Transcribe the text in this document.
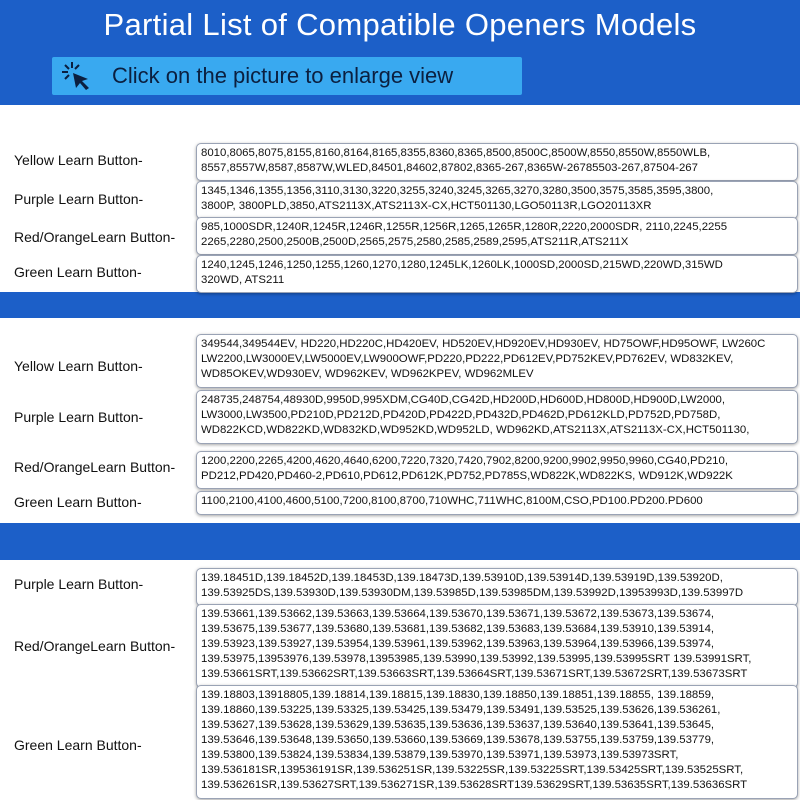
Partial List of Compatible Openers Models
Click on the picture to enlarge view
Yellow Learn Button-	8010,8065,8075,8155,8160,8164,8165,8355,8360,8365,8500,8500C,8500W,8550,8550W,8550WLB,
8557,8557W,8587,8587W,WLED,84501,84602,87802,8365-267,8365W-26785503-267,87504-267
Purple Learn Button-	1345,1346,1355,1356,3110,3130,3220,3255,3240,3245,3265,3270,3280,3500,3575,3585,3595,3800,
3800P, 3800PLD,3850,ATS2113X,ATS2113X-CX,HCT501130,LGO50113R,LGO20113XR
Red/OrangeLearn Button-
985,1000SDR,1240R,1245R,1246R,1255R,1256R,1265,1265R,1280R,2220,2000SDR, 2110,2245,2255
2265,2280,2500,2500B,2500D,2565,2575,2580,2585,2589,2595,ATS211R,ATS211X
Green Learn Button-	1240,1245,1246,1250,1255,1260,1270,1280,1245LK,1260LK,1000SD,2000SD,215WD,220WD,315WD
320WD, ATS211
Yellow Learn Button-
349544,349544EV, HD220,HD220C,HD420EV, HD520EV,HD920EV,HD930EV, HD75OWF,HD95OWF, LW260C
LW2200,LW3000EV,LW5000EV,LW900OWF,PD220,PD222,PD612EV,PD752KEV,PD762EV, WD832KEV,
WD85OKEV,WD930EV, WD962KEV, WD962KPEV, WD962MLEV
Purple Learn Button-
248735,248754,48930D,9950D,995XDM,CG40D,CG42D,HD200D,HD600D,HD800D,HD900D,LW2000,
LW3000,LW3500,PD210D,PD212D,PD420D,PD422D,PD432D,PD462D,PD612KLD,PD752D,PD758D,
WD822KCD,WD822KD,WD832KD,WD952KD,WD952LD, WD962KD,ATS2113X,ATS2113X-CX,HCT501130,
Red/OrangeLearn Button-	1200,2200,2265,4200,4620,4640,6200,7220,7320,7420,7902,8200,9200,9902,9950,9960,CG40,PD210,
PD212,PD420,PD460-2,PD610,PD612,PD612K,PD752,PD785S,WD822K,WD822KS, WD912K,WD922K
Green Learn Button-	1100,2100,4100,4600,5100,7200,8100,8700,710WHC,711WHC,8100M,CSO,PD100.PD200.PD600
Purple Learn Button-	139.18451D,139.18452D,139.18453D,139.18473D,139.53910D,139.53914D,139.53919D,139.53920D,
139.53925DS,139.53930D,139.53930DM,139.53985D,139.53985DM,139.53992D,13953993D,139.53997D
Red/OrangeLearn Button-
139.53661,139.53662,139.53663,139.53664,139.53670,139.53671,139.53672,139.53673,139.53674,
139.53675,139.53677,139.53680,139.53681,139.53682,139.53683,139.53684,139.53910,139.53914,
139.53923,139.53927,139.53954,139.53961,139.53962,139.53963,139.53964,139.53966,139.53974,
139.53975,13953976,139.53978,13953985,139.53990,139.53992,139.53995,139.53995SRT 139.53991SRT,
139.53661SRT,139.53662SRT,139.53663SRT,139.53664SRT,139.53671SRT,139.53672SRT,139.53673SRT
Green Learn Button-
139.18803,13918805,139.18814,139.18815,139.18830,139.18850,139.18851,139.18855, 139.18859,
139.18860,139.53225,139.53325,139.53425,139.53479,139.53491,139.53525,139.53626,139.536261,
139.53627,139.53628,139.53629,139.53635,139.53636,139.53637,139.53640,139.53641,139.53645,
139.53646,139.53648,139.53650,139.53660,139.53669,139.53678,139.53755,139.53759,139.53779,
139.53800,139.53824,139.53834,139.53879,139.53970,139.53971,139.53973,139.53973SRT,
139.536181SR,139536191SR,139.536251SR,139.53225SR,139.53225SRT,139.53425SRT,139.53525SRT,
139.536261SR,139.53627SRT,139.536271SR,139.53628SRT139.53629SRT,139.53635SRT,139.53636SRT
